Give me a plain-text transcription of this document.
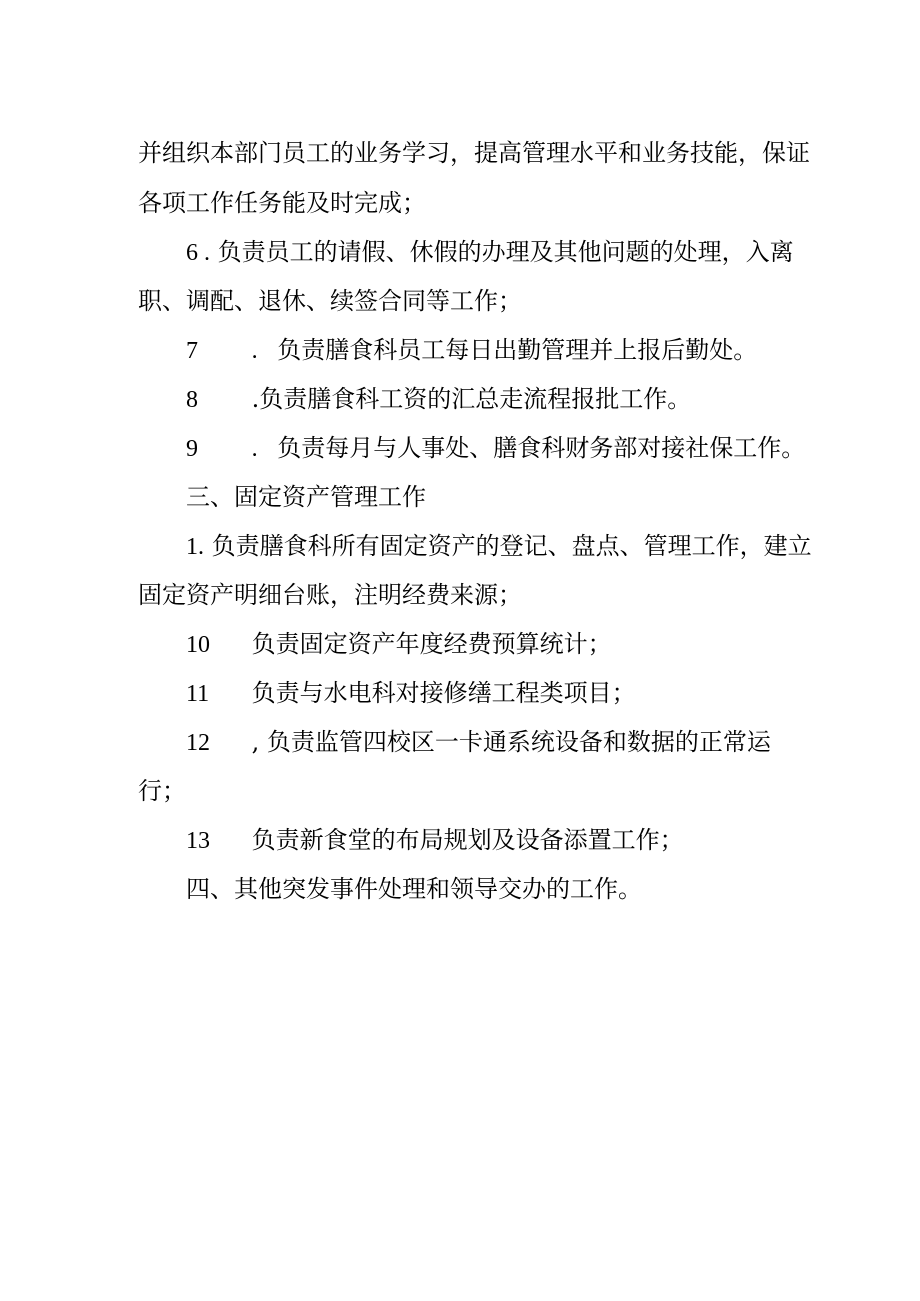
并组织本部门员工的业务学习，提高管理水平和业务技能，保证
各项工作任务能及时完成；
6 . 负责员工的请假、休假的办理及其他问题的处理，入离
职、调配、退休、续签合同等工作；
7 . 负责膳食科员工每日出勤管理并上报后勤处。
8 .负责膳食科工资的汇总走流程报批工作。
9 . 负责每月与人事处、膳食科财务部对接社保工作。
三、固定资产管理工作
1. 负责膳食科所有固定资产的登记、盘点、管理工作，建立
固定资产明细台账，注明经费来源；
10 负责固定资产年度经费预算统计；
11 负责与水电科对接修缮工程类项目；
12 , 负责监管四校区一卡通系统设备和数据的正常运
行；
13 负责新食堂的布局规划及设备添置工作；
四、其他突发事件处理和领导交办的工作。
